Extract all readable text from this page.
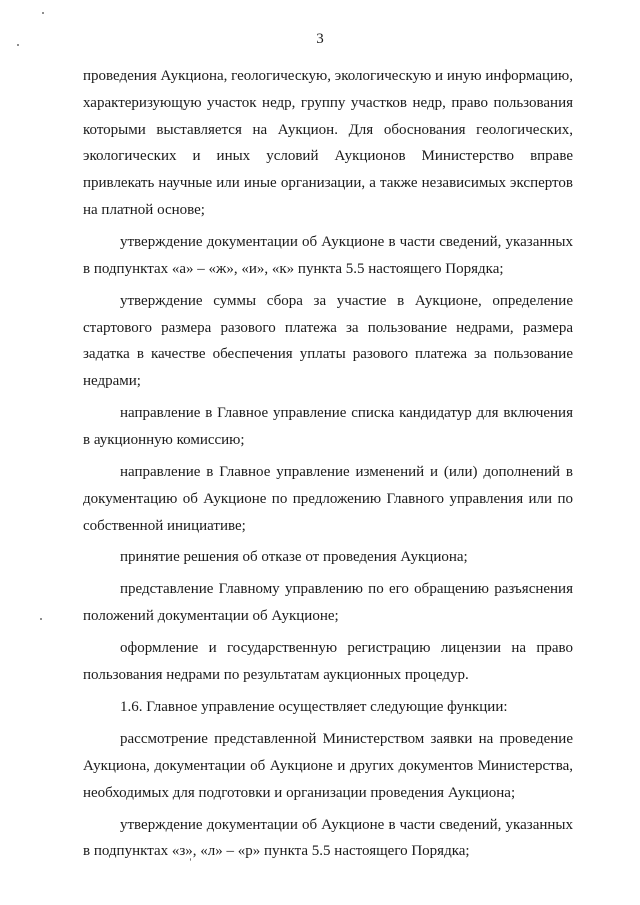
3

проведения Аукциона, геологическую, экологическую и иную информацию, характеризующую участок недр, группу участков недр, право пользования которыми выставляется на Аукцион. Для обоснования геологических, экологических и иных условий Аукционов Министерство вправе привлекать научные или иные организации, а также независимых экспертов на платной основе;

утверждение документации об Аукционе в части сведений, указанных в подпунктах «а» – «ж», «и», «к» пункта 5.5 настоящего Порядка;

утверждение суммы сбора за участие в Аукционе, определение стартового размера разового платежа за пользование недрами, размера задатка в качестве обеспечения уплаты разового платежа за пользование недрами;

направление в Главное управление списка кандидатур для включения в аукционную комиссию;

направление в Главное управление изменений и (или) дополнений в документацию об Аукционе по предложению Главного управления или по собственной инициативе;

принятие решения об отказе от проведения Аукциона;

представление Главному управлению по его обращению разъяснения положений документации об Аукционе;

оформление и государственную регистрацию лицензии на право пользования недрами по результатам аукционных процедур.

1.6. Главное управление осуществляет следующие функции:

рассмотрение представленной Министерством заявки на проведение Аукциона, документации об Аукционе и других документов Министерства, необходимых для подготовки и организации проведения Аукциона;

утверждение документации об Аукционе в части сведений, указанных в подпунктах «з», «л» – «р» пункта 5.5 настоящего Порядка;
